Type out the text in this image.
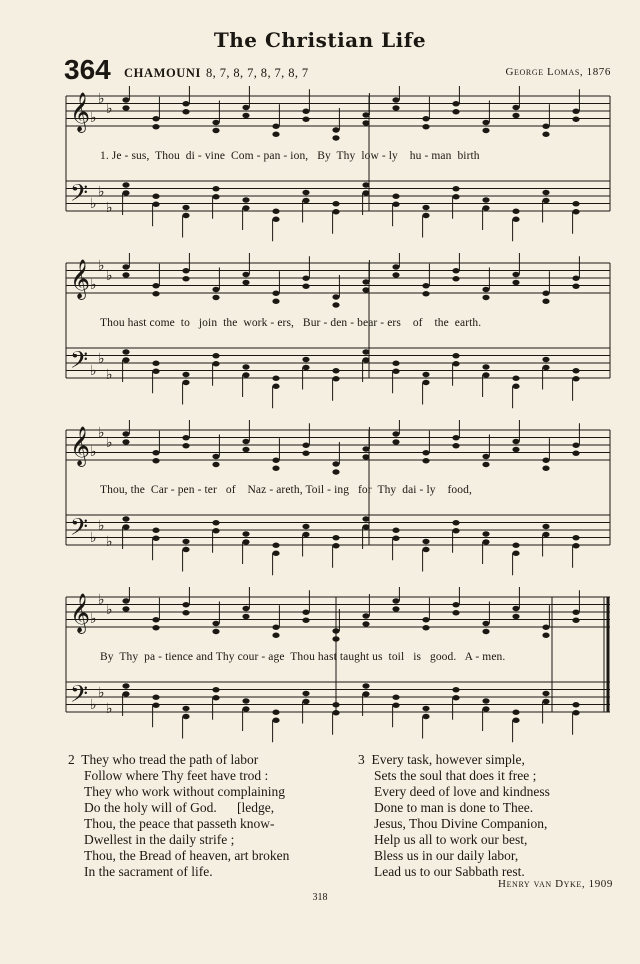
The Christian Life
364 CHAMOUNI 8, 7, 8, 7, 8, 7, 8, 7	George Lomas, 1876
𝄞
𝄢
♭
♭
♭
♭
♭
♭
1. Je - sus,  Thou  di - vine  Com - pan - ion,   By  Thy  low - ly    hu - man  birth
𝄞
𝄢
♭
♭
♭
♭
♭
♭
Thou hast come  to   join  the  work - ers,   Bur - den - bear - ers    of    the  earth.
𝄞
𝄢
♭
♭
♭
♭
♭
♭
Thou, the  Car - pen - ter   of    Naz - areth, Toil - ing   for  Thy  dai - ly    food,
𝄞
𝄢
♭
♭
♭
♭
♭
♭
By  Thy  pa - tience and Thy cour - age  Thou hast taught us  toil   is   good.   A - men.
2  They who tread the path of labor
Follow where Thy feet have trod :
They who work without complaining
Do the holy will of God.      [ledge,
Thou, the peace that passeth know-
Dwellest in the daily strife ;
Thou, the Bread of heaven, art broken
In the sacrament of life.
3  Every task, however simple,
Sets the soul that does it free ;
Every deed of love and kindness
Done to man is done to Thee.
Jesus, Thou Divine Companion,
Help us all to work our best,
Bless us in our daily labor,
Lead us to our Sabbath rest.
Henry van Dyke, 1909
318
